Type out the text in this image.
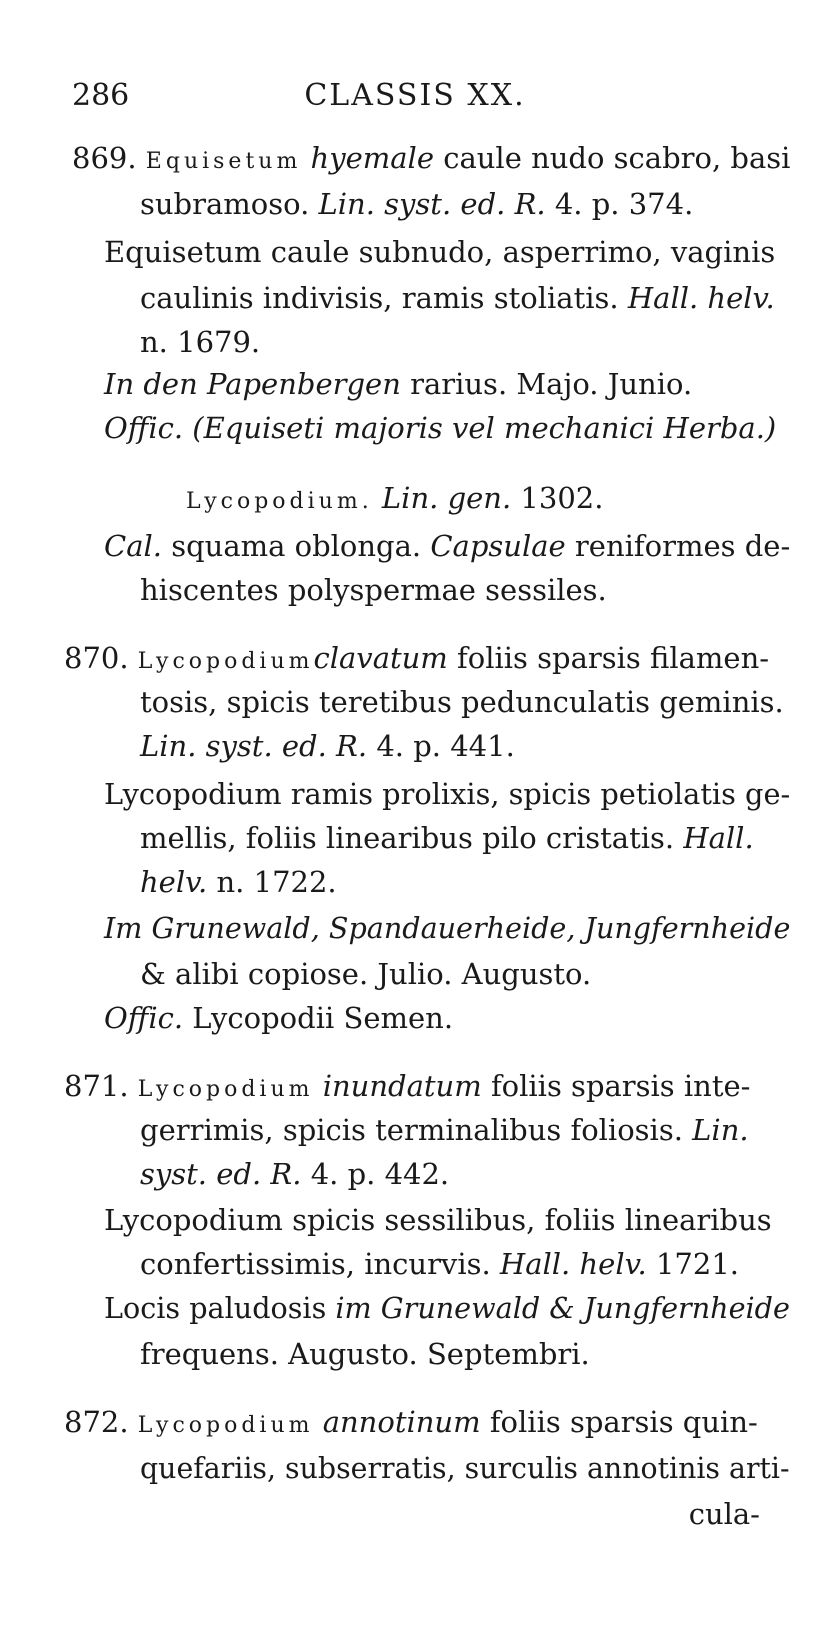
286	CLASSIS XX.
869. Equisetum hyemale caule nudo scabro, basi
subramoso. Lin. syst. ed. R. 4. p. 374.
Equisetum caule subnudo, asperrimo, vaginis
caulinis indivisis, ramis stoliatis. Hall. helv.
n. 1679.
In den Papenbergen rarius. Majo. Junio.
Offic. (Equiseti majoris vel mechanici Herba.)
Lycopodium. Lin. gen. 1302.
Cal. squama oblonga. Capsulae reniformes de-
hiscentes polyspermae sessiles.
870. Lycopodiumclavatum foliis sparsis filamen-
tosis, spicis teretibus pedunculatis geminis.
Lin. syst. ed. R. 4. p. 441.
Lycopodium ramis prolixis, spicis petiolatis ge-
mellis, foliis linearibus pilo cristatis. Hall.
helv. n. 1722.
Im Grunewald, Spandauerheide, Jungfernheide
& alibi copiose. Julio. Augusto.
Offic. Lycopodii Semen.
871. Lycopodium inundatum foliis sparsis inte-
gerrimis, spicis terminalibus foliosis. Lin.
syst. ed. R. 4. p. 442.
Lycopodium spicis sessilibus, foliis linearibus
confertissimis, incurvis. Hall. helv. 1721.
Locis paludosis im Grunewald & Jungfernheide
frequens. Augusto. Septembri.
872. Lycopodium annotinum foliis sparsis quin-
quefariis, subserratis, surculis annotinis arti-
cula-
